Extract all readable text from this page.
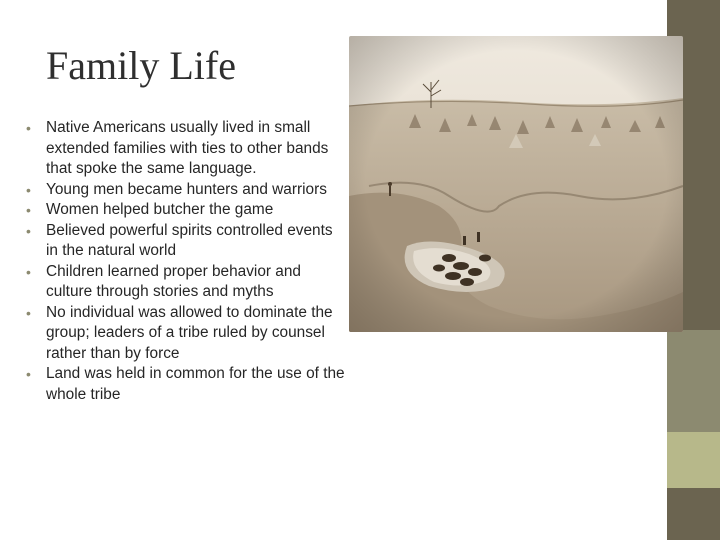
Family Life
• Native Americans usually lived in small extended families with ties to other bands that spoke the same language.
• Young men became hunters and warriors
• Women helped butcher the game
• Believed powerful spirits controlled events in the natural world
• Children learned proper behavior and culture through stories and myths
• No individual was allowed to dominate the group; leaders of a tribe ruled by counsel rather than by force
• Land was held in common for the use of the whole tribe
